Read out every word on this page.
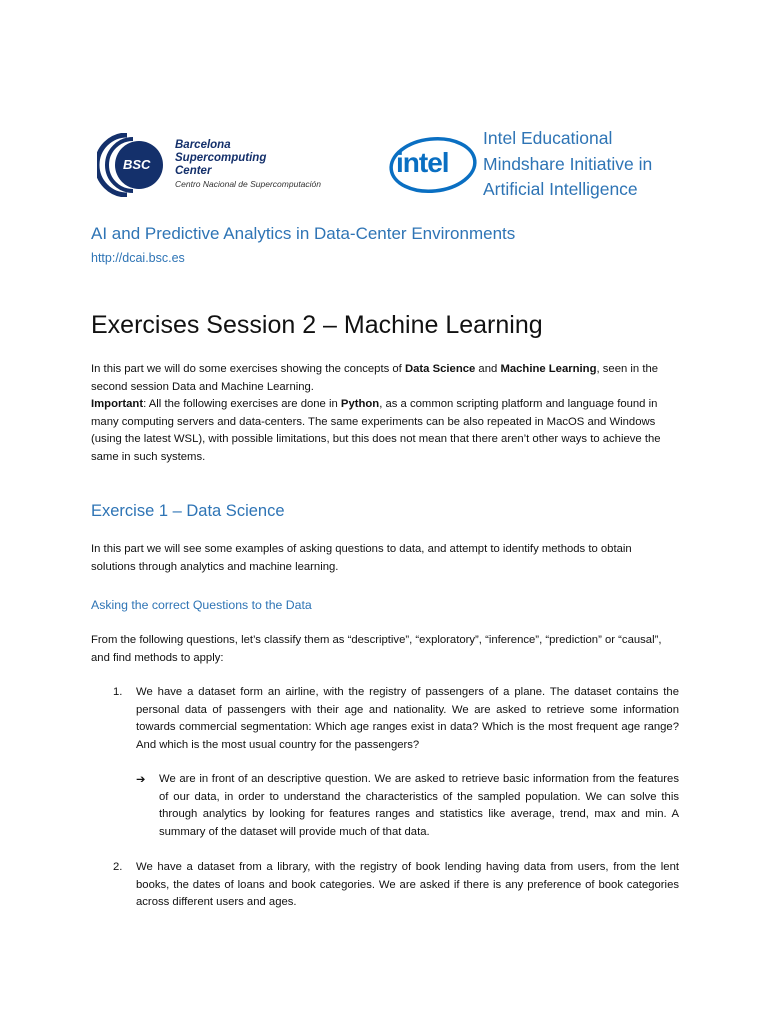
BSC
Barcelona
Supercomputing
Center
Centro Nacional de Supercomputación
intel
Intel Educational
Mindshare Initiative in
Artificial Intelligence
AI and Predictive Analytics in Data-Center Environments
http://dcai.bsc.es
Exercises Session 2 – Machine Learning
In this part we will do some exercises showing the concepts of Data Science and Machine Learning, seen in the second session Data and Machine Learning.
Important: All the following exercises are done in Python, as a common scripting platform and language found in many computing servers and data-centers. The same experiments can be also repeated in MacOS and Windows (using the latest WSL), with possible limitations, but this does not mean that there aren’t other ways to achieve the same in such systems.
Exercise 1 – Data Science
In this part we will see some examples of asking questions to data, and attempt to identify methods to obtain solutions through analytics and machine learning.
Asking the correct Questions to the Data
From the following questions, let’s classify them as “descriptive”, “exploratory”, “inference”, “prediction” or “causal”, and find methods to apply:
1. We have a dataset form an airline, with the registry of passengers of a plane. The dataset contains the personal data of passengers with their age and nationality. We are asked to retrieve some information towards commercial segmentation: Which age ranges exist in data? Which is the most frequent age range? And which is the most usual country for the passengers?
➔ We are in front of an descriptive question. We are asked to retrieve basic information from the features of our data, in order to understand the characteristics of the sampled population. We can solve this through analytics by looking for features ranges and statistics like average, trend, max and min. A summary of the dataset will provide much of that data.
2. We have a dataset from a library, with the registry of book lending having data from users, from the lent books, the dates of loans and book categories. We are asked if there is any preference of book categories across different users and ages.
